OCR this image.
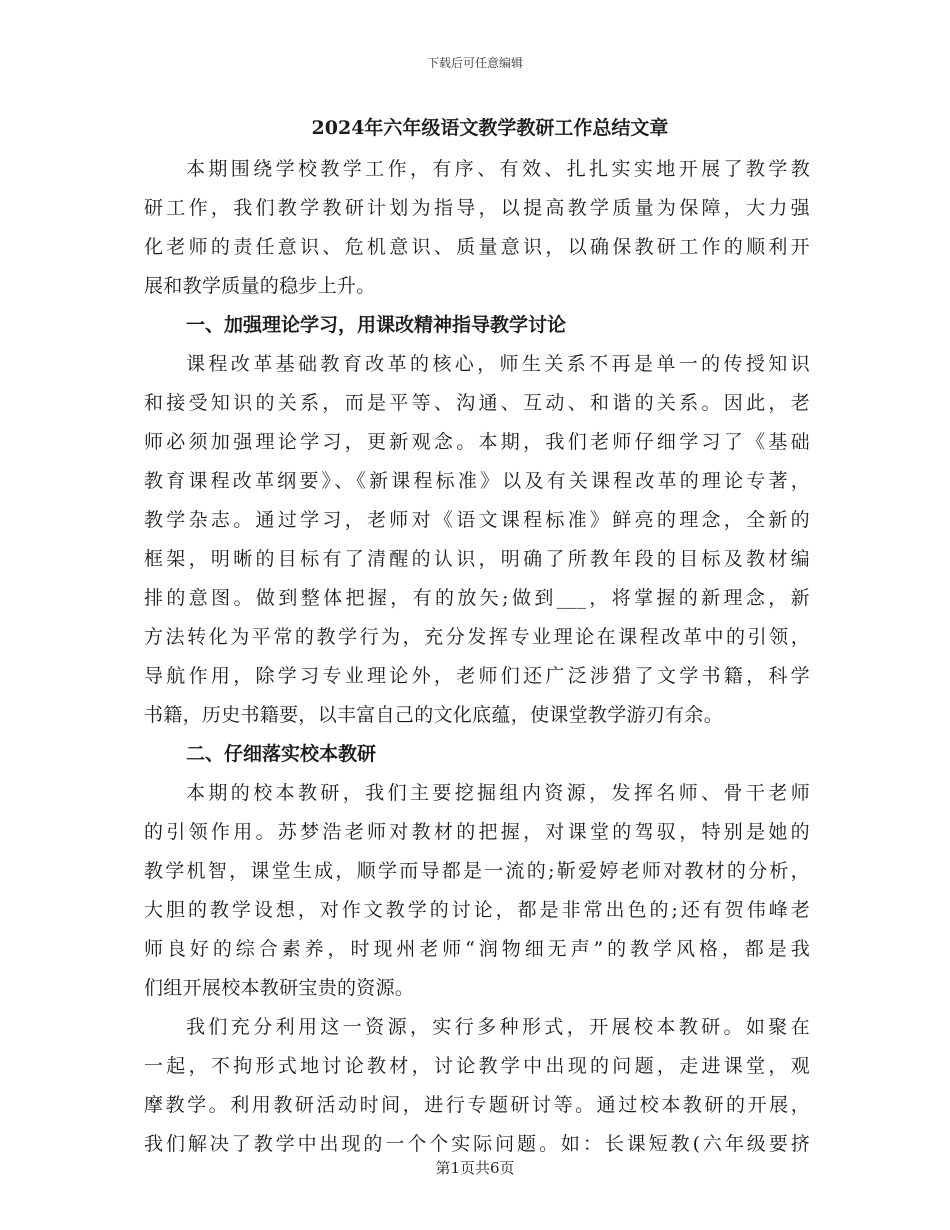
下载后可任意编辑
2024年六年级语文教学教研工作总结文章
本期围绕学校教学工作，有序、有效、扎扎实实地开展了教学教
研工作，我们教学教研计划为指导，以提高教学质量为保障，大力强
化老师的责任意识、危机意识、质量意识，以确保教研工作的顺利开
展和教学质量的稳步上升。
一、加强理论学习，用课改精神指导教学讨论
课程改革基础教育改革的核心，师生关系不再是单一的传授知识
和接受知识的关系，而是平等、沟通、互动、和谐的关系。因此，老
师必须加强理论学习，更新观念。本期，我们老师仔细学习了《基础
教育课程改革纲要》、《新课程标准》以及有关课程改革的理论专著，
教学杂志。通过学习，老师对《语文课程标准》鲜亮的理念，全新的
框架，明晰的目标有了清醒的认识，明确了所教年段的目标及教材编
排的意图。做到整体把握，有的放矢;做到___，将掌握的新理念，新
方法转化为平常的教学行为，充分发挥专业理论在课程改革中的引领，
导航作用，除学习专业理论外，老师们还广泛涉猎了文学书籍，科学
书籍，历史书籍要，以丰富自己的文化底蕴，使课堂教学游刃有余。
二、仔细落实校本教研
本期的校本教研，我们主要挖掘组内资源，发挥名师、骨干老师
的引领作用。苏梦浩老师对教材的把握，对课堂的驾驭，特别是她的
教学机智，课堂生成，顺学而导都是一流的;靳爱婷老师对教材的分析，
大胆的教学设想，对作文教学的讨论，都是非常出色的;还有贺伟峰老
师良好的综合素养，时现州老师“润物细无声”的教学风格，都是我
们组开展校本教研宝贵的资源。
我们充分利用这一资源，实行多种形式，开展校本教研。如聚在
一起，不拘形式地讨论教材，讨论教学中出现的问题，走进课堂，观
摩教学。利用教研活动时间，进行专题研讨等。通过校本教研的开展，
我们解决了教学中出现的一个个实际问题。如：长课短教(六年级要挤
第1页共6页
